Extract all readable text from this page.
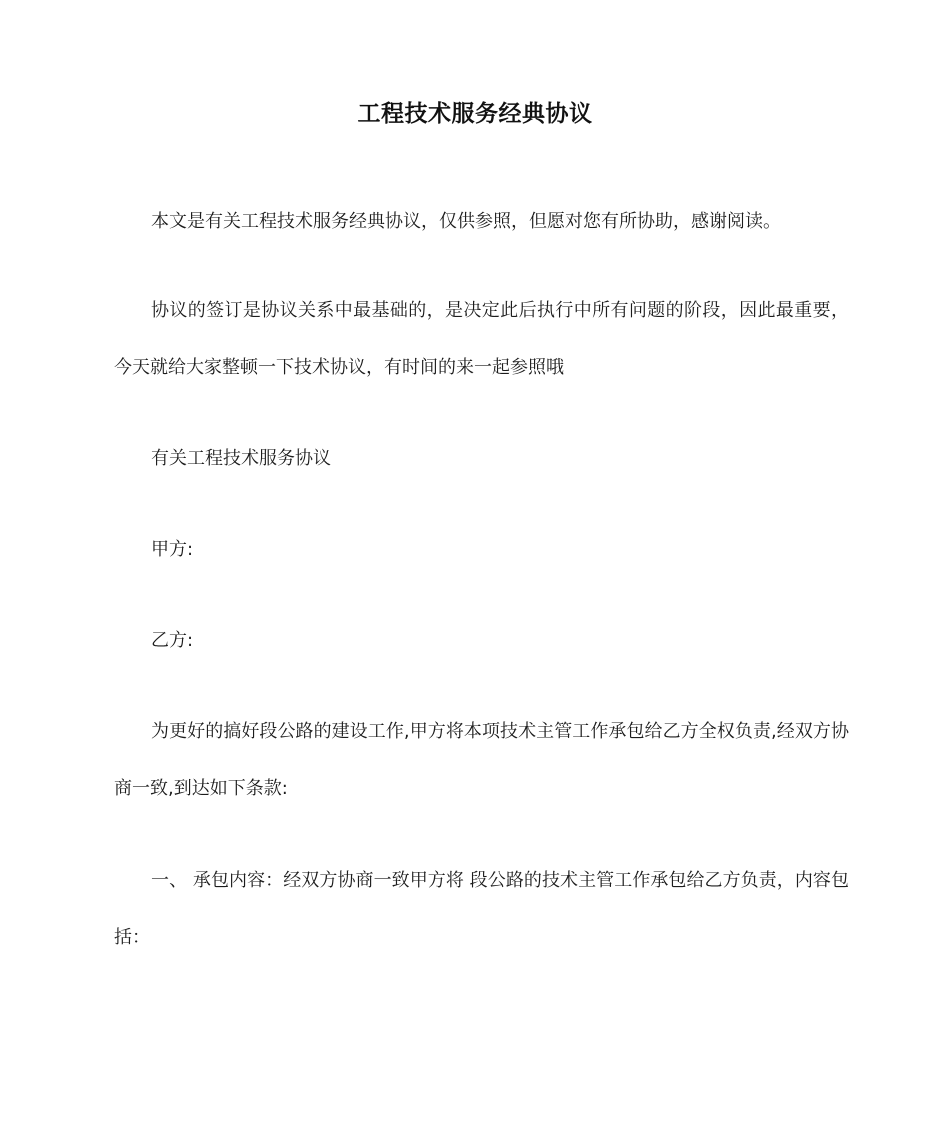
工程技术服务经典协议
本文是有关工程技术服务经典协议，仅供参照，但愿对您有所协助，感谢阅读。
协议的签订是协议关系中最基础的，是决定此后执行中所有问题的阶段，因此最重要，今天就给大家整顿一下技术协议，有时间的来一起参照哦
有关工程技术服务协议
甲方:
乙方:
为更好的搞好段公路的建设工作,甲方将本项技术主管工作承包给乙方全权负责,经双方协商一致,到达如下条款:
一、 承包内容：经双方协商一致甲方将 段公路的技术主管工作承包给乙方负责，内容包括：
